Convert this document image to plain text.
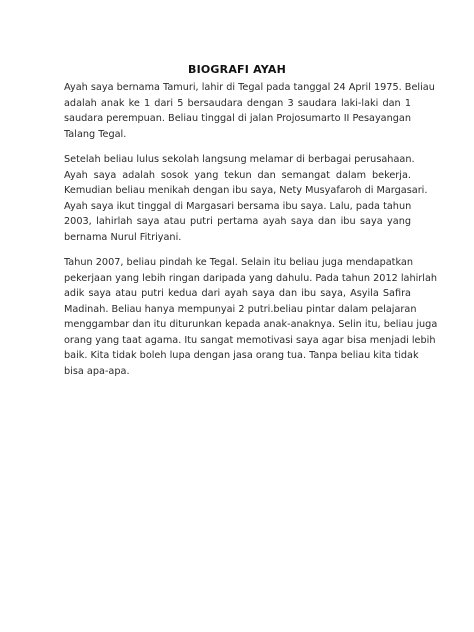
BIOGRAFI AYAH

Ayah saya bernama Tamuri, lahir di Tegal pada tanggal 24 April 1975. Beliau
adalah anak ke 1 dari 5 bersaudara dengan 3 saudara laki-laki dan 1
saudara perempuan. Beliau tinggal di jalan Projosumarto II Pesayangan
Talang Tegal.

Setelah beliau lulus sekolah langsung melamar di berbagai perusahaan.
Ayah saya adalah sosok yang tekun dan semangat dalam bekerja.
Kemudian beliau menikah dengan ibu saya, Nety Musyafaroh di Margasari.
Ayah saya ikut tinggal di Margasari bersama ibu saya. Lalu, pada tahun
2003, lahirlah saya atau putri pertama ayah saya dan ibu saya yang
bernama Nurul Fitriyani.

Tahun 2007, beliau pindah ke Tegal. Selain itu beliau juga mendapatkan
pekerjaan yang lebih ringan daripada yang dahulu. Pada tahun 2012 lahirlah
adik saya atau putri kedua dari ayah saya dan ibu saya, Asyila Safira
Madinah. Beliau hanya mempunyai 2 putri.beliau pintar dalam pelajaran
menggambar dan itu diturunkan kepada anak-anaknya. Selin itu, beliau juga
orang yang taat agama. Itu sangat memotivasi saya agar bisa menjadi lebih
baik. Kita tidak boleh lupa dengan jasa orang tua. Tanpa beliau kita tidak
bisa apa-apa.
